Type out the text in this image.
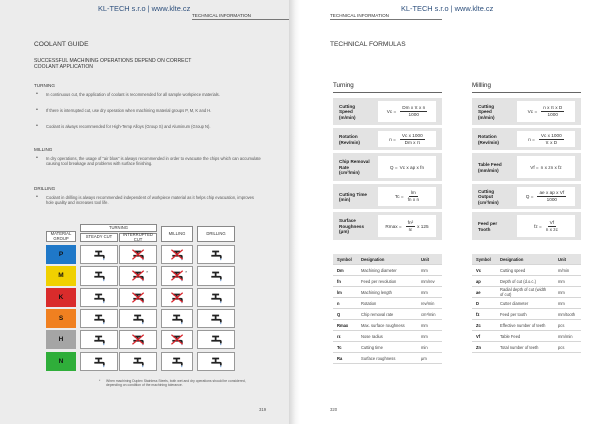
KL-TECH s.r.o | www.klte.cz
TECHNICAL INFORMATION
COOLANT GUIDE
SUCCESSFUL MACHINING OPERATIONS DEPEND ON CORRECT COOLANT APPLICATION
TURNING
• In continuous cut, the application of coolant is recommended for all sample workpiece materials.
• If there is interrupted cut, use dry operation when machining material groups P, M, K and H.
• Coolant is always recommended for High-Temp Alloys (Group S) and Aluminum (Group N).
MILLING
• In dry operations, the usage of "air blow" is always recommended in order to evacuate the chips which can accumulate causing tool breakage and problems with surface finishing.
DRILLING
• Coolant in drilling is always recommended independent of workpiece material as it helps chip evacuation, improves hole quality and increases tool life.
MATERIAL GROUP
TURNING
STEADY CUT	INTERRUPTED CUT
MILLING	DRILLING
P
M	*	*
K
S
H
N
* When machining Duplex Stainless Steels, both wet and dry operations should be considered, depending on condition of the machining tolerance.
319
KL-TECH s.r.o | www.klte.cz
TECHNICAL INFORMATION
TECHNICAL FORMULAS
Turning	Millling
Cutting
Speed
(m/min)
$Vc = \frac{\text{Dm x π x n}}{1000}$
Rotation
(Rev/min)
$n = \frac{\text{Vc x 1000}}{\text{Dm x π}}$
Chip Removal
Rate
(cm³/min)
Q = Vc x ap x fn
Cutting Time
(min)
$Tc = \frac{lm}{\text{fn x n}}$
Surface
Roughness
(μm)
$Rmax = \frac{\text{fn²}}{r\varepsilon}$ x 125
Cutting
Speed
(m/min)
$Vc = \frac{\text{n x π x D}}{1000}$
Rotation
(Rev/min)
$n = \frac{\text{Vc x 1000}}{\text{π x D}}$
Table Feed
(mm/min)
Vf = n x zn x fz
Cutting
Output
(cm³/min)
$Q = \frac{\text{ae x ap x Vf}}{1000}$
Feed per
Tooth
fz = $\frac{Vf}{\text{n x zc}}$
Symbol Designation	Unit
Dm	Machining diameter	mm
fn	Feed per revolution	mm/rev
lm	Machining length	mm
n	Rotation	rev/min
Q	Chip removal rate	cm³/min
Rmax	Max. surface roughness	mm
rε	Nose radius	mm
Tc	Cutting time	min
Ra	Surface roughness	μm
Symbol Designation	Unit
Vc	Cutting speed	m/min
ap	Depth of cut (d.o.c.)	mm
ae	Radial depth of cut (width of cut)	mm
D	Cutter diameter	mm
fz	Feed per tooth	mm/tooth
Zc	Effective number of teeth	pcs
Vf	Table Feed	mm/min
Zn	Total number of teeth	pcs
320
